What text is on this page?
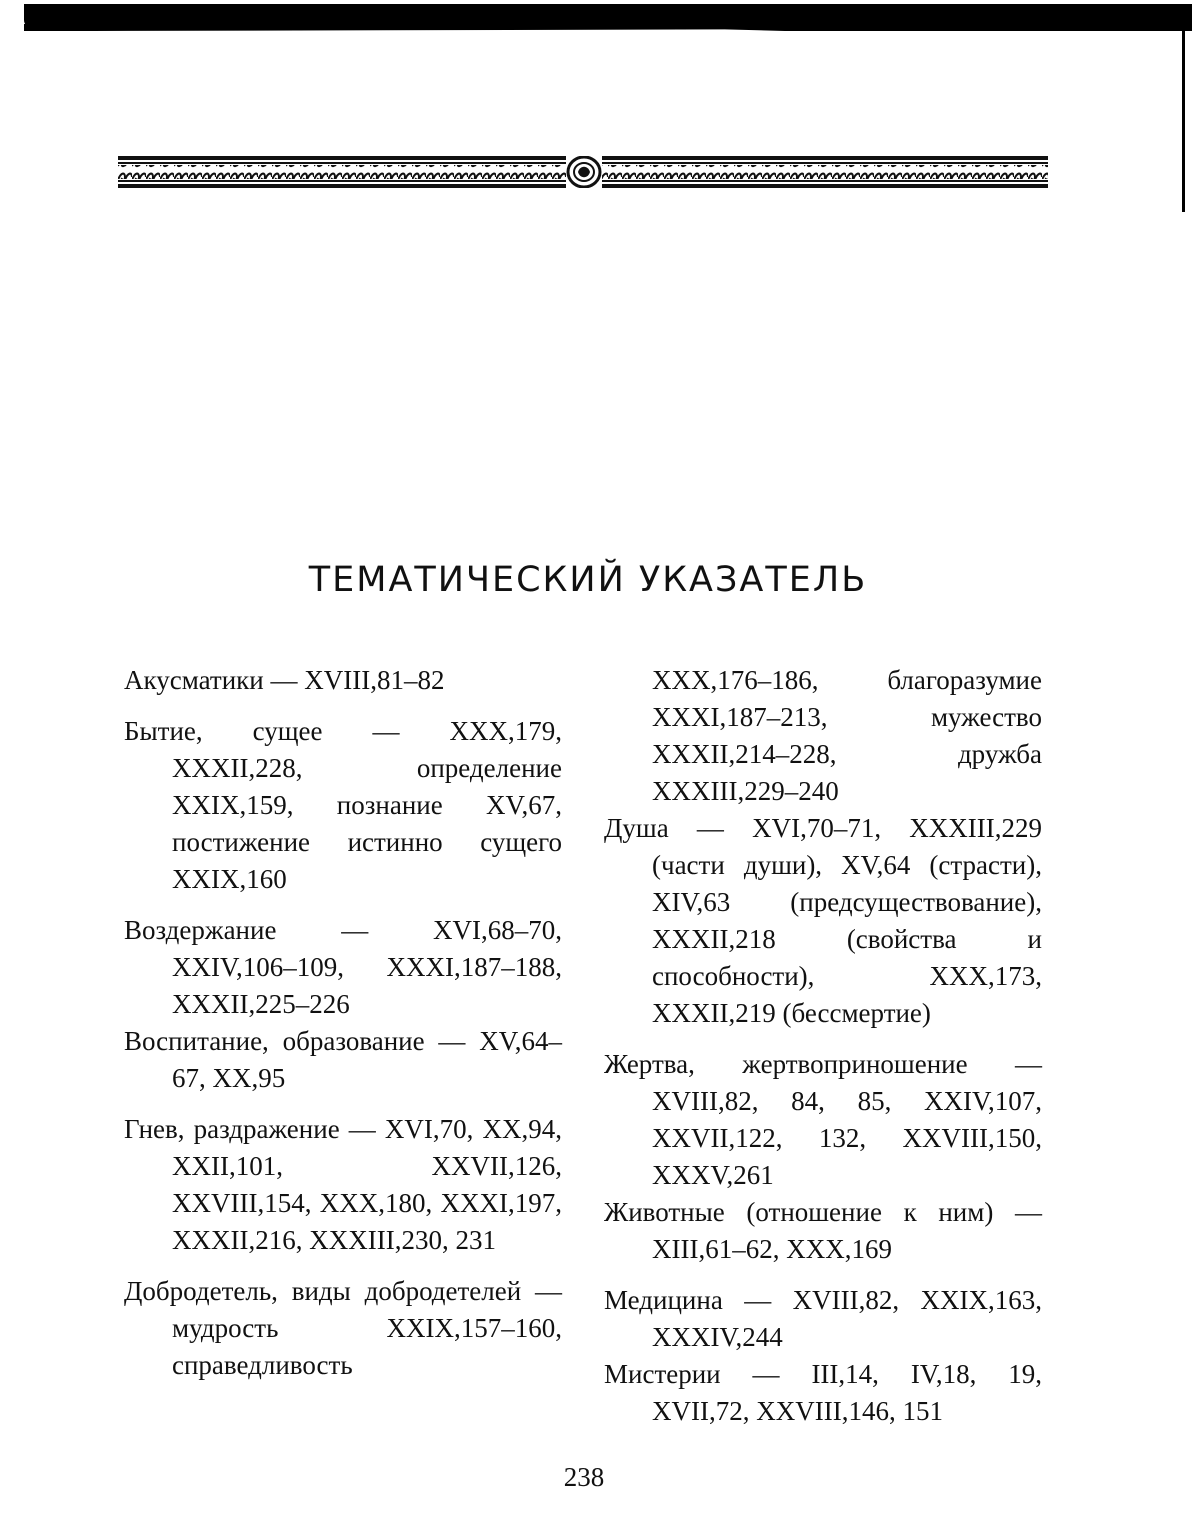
ТЕМАТИЧЕСКИЙ УКАЗАТЕЛЬ

Акусматики — XVIII,81–82

Бытие, сущее — XXX,179, XXXII,228, определение XXIX,159, познание XV,67, постижение истинно сущего XXIX,160

Воздержание — XVI,68–70, XXIV,106–109, XXXI,187–188, XXXII,225–226

Воспитание, образование — XV,64–67, XX,95

Гнев, раздражение — XVI,70, XX,94, XXII,101, XXVII,126, XXVIII,154, XXX,180, XXXI,197, XXXII,216, XXXIII,230, 231

Добродетель, виды добродетелей — мудрость XXIX,157–160, справедливость

XXX,176–186, благоразумие XXXI,187–213, мужество XXXII,214–228, дружба XXXIII,229–240

Душа — XVI,70–71, XXXIII,229 (части души), XV,64 (страсти), XIV,63 (предсуществование), XXXII,218 (свойства и способности), XXX,173, XXXII,219 (бессмертие)

Жертва, жертвоприношение — XVIII,82, 84, 85, XXIV,107, XXVII,122, 132, XXVIII,150, XXXV,261

Животные (отношение к ним) — XIII,61–62, XXX,169

Медицина — XVIII,82, XXIX,163, XXXIV,244

Мистерии — III,14, IV,18, 19, XVII,72, XXVIII,146, 151

238
